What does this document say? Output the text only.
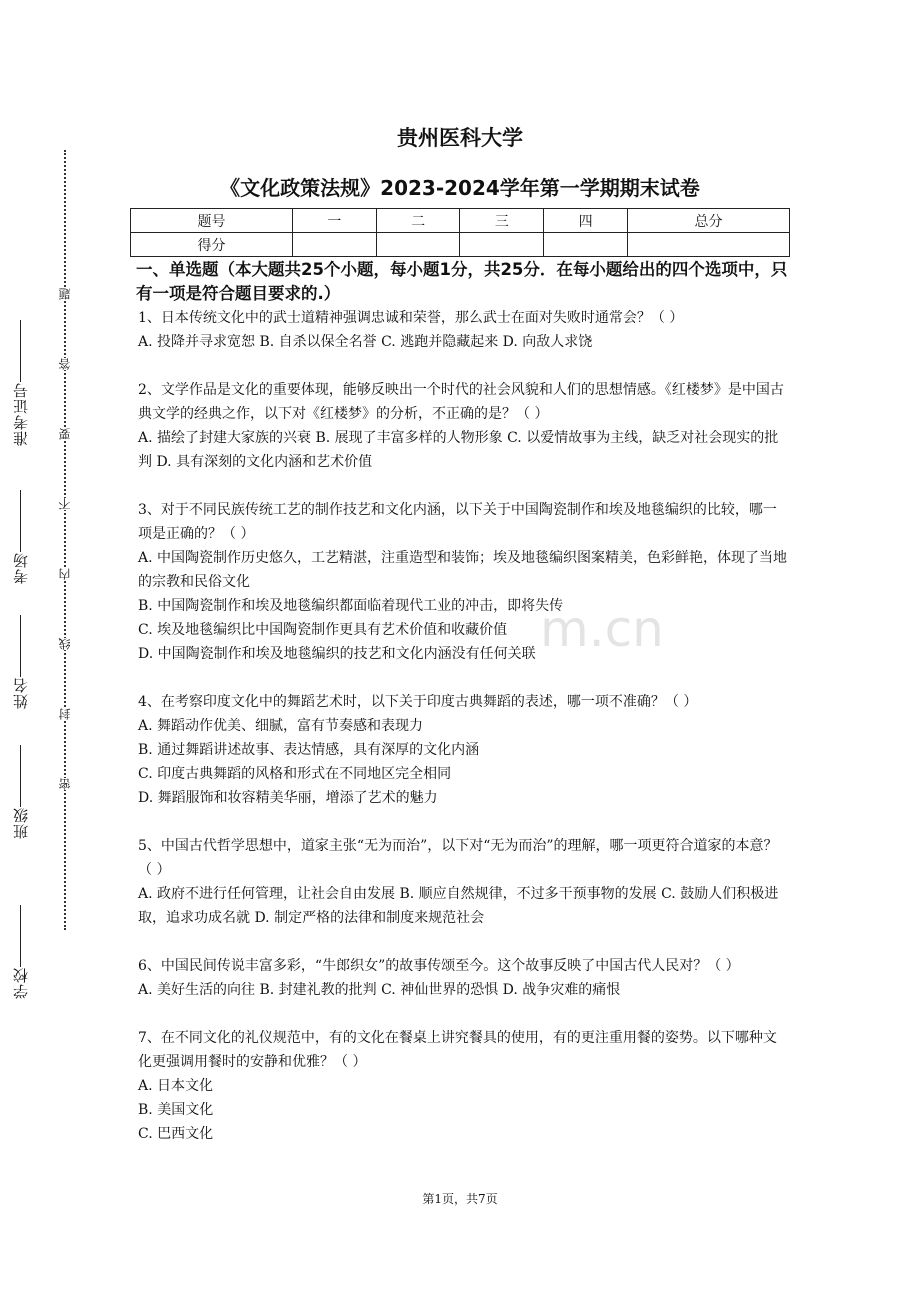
准考证号
考场
姓名
班级
学校
题
答
要
不
内
线
封
密
贵州医科大学
《文化政策法规》2023-2024学年第一学期期末试卷
题号	一	二	三	四	总分
得分					
一、单选题（本大题共25个小题，每小题1分，共25分．在每小题给出的四个选项中，只有一项是符合题目要求的.）

1、日本传统文化中的武士道精神强调忠诚和荣誉，那么武士在面对失败时通常会？（ ）

A. 投降并寻求宽恕 B. 自杀以保全名誉 C. 逃跑并隐藏起来 D. 向敌人求饶

2、文学作品是文化的重要体现，能够反映出一个时代的社会风貌和人们的思想情感。《红楼梦》是中国古典文学的经典之作，以下对《红楼梦》的分析，不正确的是？（ ）

A. 描绘了封建大家族的兴衰 B. 展现了丰富多样的人物形象 C. 以爱情故事为主线，缺乏对社会现实的批判 D. 具有深刻的文化内涵和艺术价值

3、对于不同民族传统工艺的制作技艺和文化内涵，以下关于中国陶瓷制作和埃及地毯编织的比较，哪一项是正确的？（ ）

A. 中国陶瓷制作历史悠久，工艺精湛，注重造型和装饰；埃及地毯编织图案精美，色彩鲜艳，体现了当地的宗教和民俗文化

B. 中国陶瓷制作和埃及地毯编织都面临着现代工业的冲击，即将失传

C. 埃及地毯编织比中国陶瓷制作更具有艺术价值和收藏价值

D. 中国陶瓷制作和埃及地毯编织的技艺和文化内涵没有任何关联

4、在考察印度文化中的舞蹈艺术时，以下关于印度古典舞蹈的表述，哪一项不准确？（ ）

A. 舞蹈动作优美、细腻，富有节奏感和表现力

B. 通过舞蹈讲述故事、表达情感，具有深厚的文化内涵

C. 印度古典舞蹈的风格和形式在不同地区完全相同

D. 舞蹈服饰和妆容精美华丽，增添了艺术的魅力

5、中国古代哲学思想中，道家主张“无为而治”，以下对“无为而治”的理解，哪一项更符合道家的本意？（ ）

A. 政府不进行任何管理，让社会自由发展 B. 顺应自然规律，不过多干预事物的发展 C. 鼓励人们积极进取，追求功成名就 D. 制定严格的法律和制度来规范社会

6、中国民间传说丰富多彩，“牛郎织女”的故事传颂至今。这个故事反映了中国古代人民对？（ ）

A. 美好生活的向往 B. 封建礼教的批判 C. 神仙世界的恐惧 D. 战争灾难的痛恨

7、在不同文化的礼仪规范中，有的文化在餐桌上讲究餐具的使用，有的更注重用餐的姿势。以下哪种文化更强调用餐时的安静和优雅？（ ）

A. 日本文化

B. 美国文化

C. 巴西文化

m.cn
第1页，共7页
